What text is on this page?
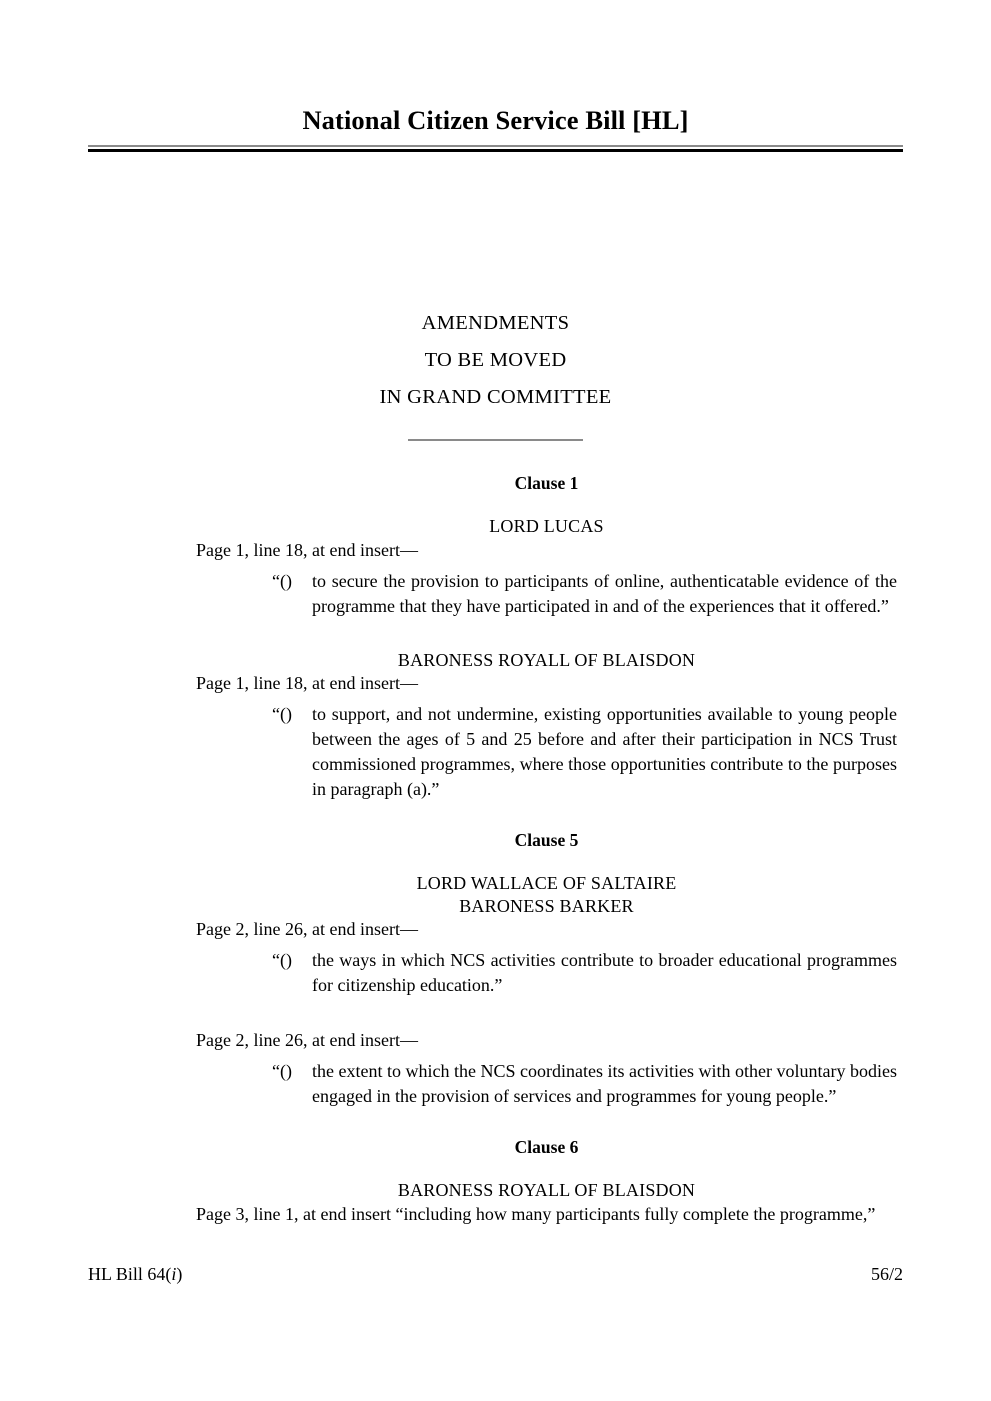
National Citizen Service Bill [HL]
AMENDMENTS
TO BE MOVED
IN GRAND COMMITTEE
Clause 1
LORD LUCAS
Page 1, line 18, at end insert—
“() to secure the provision to participants of online, authenticatable evidence of the programme that they have participated in and of the experiences that it offered.”
BARONESS ROYALL OF BLAISDON
Page 1, line 18, at end insert—
“() to support, and not undermine, existing opportunities available to young people between the ages of 5 and 25 before and after their participation in NCS Trust commissioned programmes, where those opportunities contribute to the purposes in paragraph (a).”
Clause 5
LORD WALLACE OF SALTAIRE
BARONESS BARKER
Page 2, line 26, at end insert—
“() the ways in which NCS activities contribute to broader educational programmes for citizenship education.”
Page 2, line 26, at end insert—
“() the extent to which the NCS coordinates its activities with other voluntary bodies engaged in the provision of services and programmes for young people.”
Clause 6
BARONESS ROYALL OF BLAISDON
Page 3, line 1, at end insert “including how many participants fully complete the programme,”
HL Bill 64(i)	56/2
